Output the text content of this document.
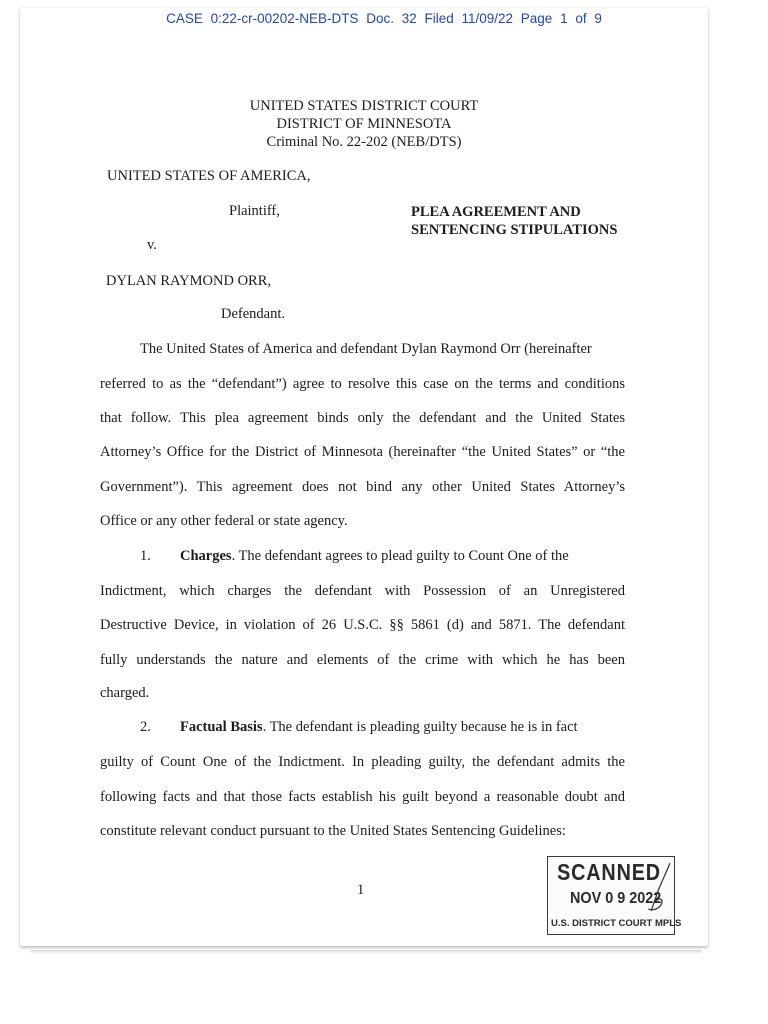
CASE 0:22-cr-00202-NEB-DTS Doc. 32 Filed 11/09/22 Page 1 of 9
UNITED STATES DISTRICT COURT
DISTRICT OF MINNESOTA
Criminal No. 22-202 (NEB/DTS)
UNITED STATES OF AMERICA,
Plaintiff,
v.
DYLAN RAYMOND ORR,
Defendant.
PLEA AGREEMENT AND
SENTENCING STIPULATIONS
The United States of America and defendant Dylan Raymond Orr (hereinafter
referred to as the “defendant”) agree to resolve this case on the terms and conditions
that follow. This plea agreement binds only the defendant and the United States
Attorney’s Office for the District of Minnesota (hereinafter “the United States” or “the
Government”). This agreement does not bind any other United States Attorney’s
Office or any other federal or state agency.
1. Charges. The defendant agrees to plead guilty to Count One of the
Indictment, which charges the defendant with Possession of an Unregistered
Destructive Device, in violation of 26 U.S.C. §§ 5861 (d) and 5871. The defendant
fully understands the nature and elements of the crime with which he has been
charged.
2. Factual Basis. The defendant is pleading guilty because he is in fact
guilty of Count One of the Indictment. In pleading guilty, the defendant admits the
following facts and that those facts establish his guilt beyond a reasonable doubt and
constitute relevant conduct pursuant to the United States Sentencing Guidelines:
1
SCANNED
NOV 0 9 2022
U.S. DISTRICT COURT MPLS
